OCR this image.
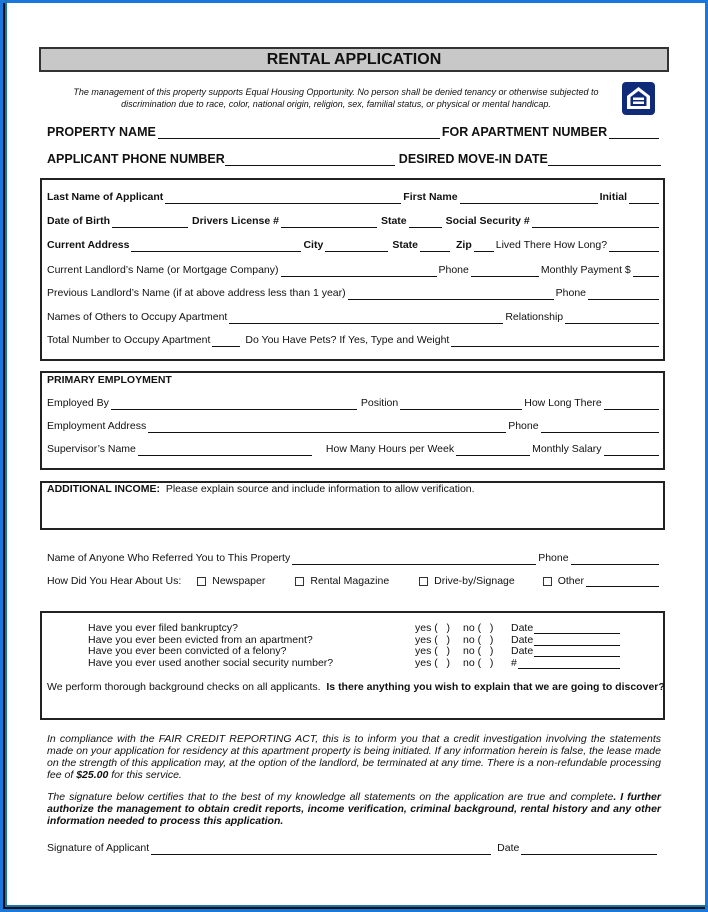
RENTAL APPLICATION
The management of this property supports Equal Housing Opportunity. No person shall be denied tenancy or otherwise subjected to discrimination due to race, color, national origin, religion, sex, familial status, or physical or mental handicap.
PROPERTY NAME	FOR APARTMENT NUMBER
APPLICANT PHONE NUMBER	DESIRED MOVE-IN DATE
Last Name of Applicant	First Name	Initial
Date of Birth	Drivers License #	State	Social Security #
Current Address	City	State	Zip Lived There How Long?
Current Landlord’s Name (or Mortgage Company)	Phone	Monthly Payment $
Previous Landlord’s Name (if at above address less than 1 year)	Phone
Names of Others to Occupy Apartment	Relationship
Total Number to Occupy Apartment	Do You Have Pets? If Yes, Type and Weight
PRIMARY EMPLOYMENT
Employed By	Position	How Long There
Employment Address	Phone
Supervisor’s Name	How Many Hours per Week	Monthly Salary
ADDITIONAL INCOME:
Please explain source and include information to allow verification.
Name of Anyone Who Referred You to This Property	Phone
How Did You Hear About Us:	Newspaper	Rental Magazine	Drive-by/Signage	Other
Have you ever filed bankruptcy?	yes (   ) no (   ) Date
Have you ever been evicted from an apartment?	yes (   ) no (   ) Date
Have you ever been convicted of a felony?	yes (   ) no (   ) Date
Have you ever used another social security number?	yes (   ) no (   ) #
We perform thorough background checks on all applicants.
Is there anything you wish to explain that we are going to discover?
In compliance with the FAIR CREDIT REPORTING ACT, this is to inform you that a credit investigation involving the statements made on your application for residency at this apartment property is being initiated. If any information herein is false, the lease made on the strength of this application may, at the option of the landlord, be terminated at any time. There is a non-refundable processing fee of $25.00 for this service.
The signature below certifies that to the best of my knowledge all statements on the application are true and complete. I further authorize the management to obtain credit reports, income verification, criminal background, rental history and any other information needed to process this application.
Signature of Applicant	Date
